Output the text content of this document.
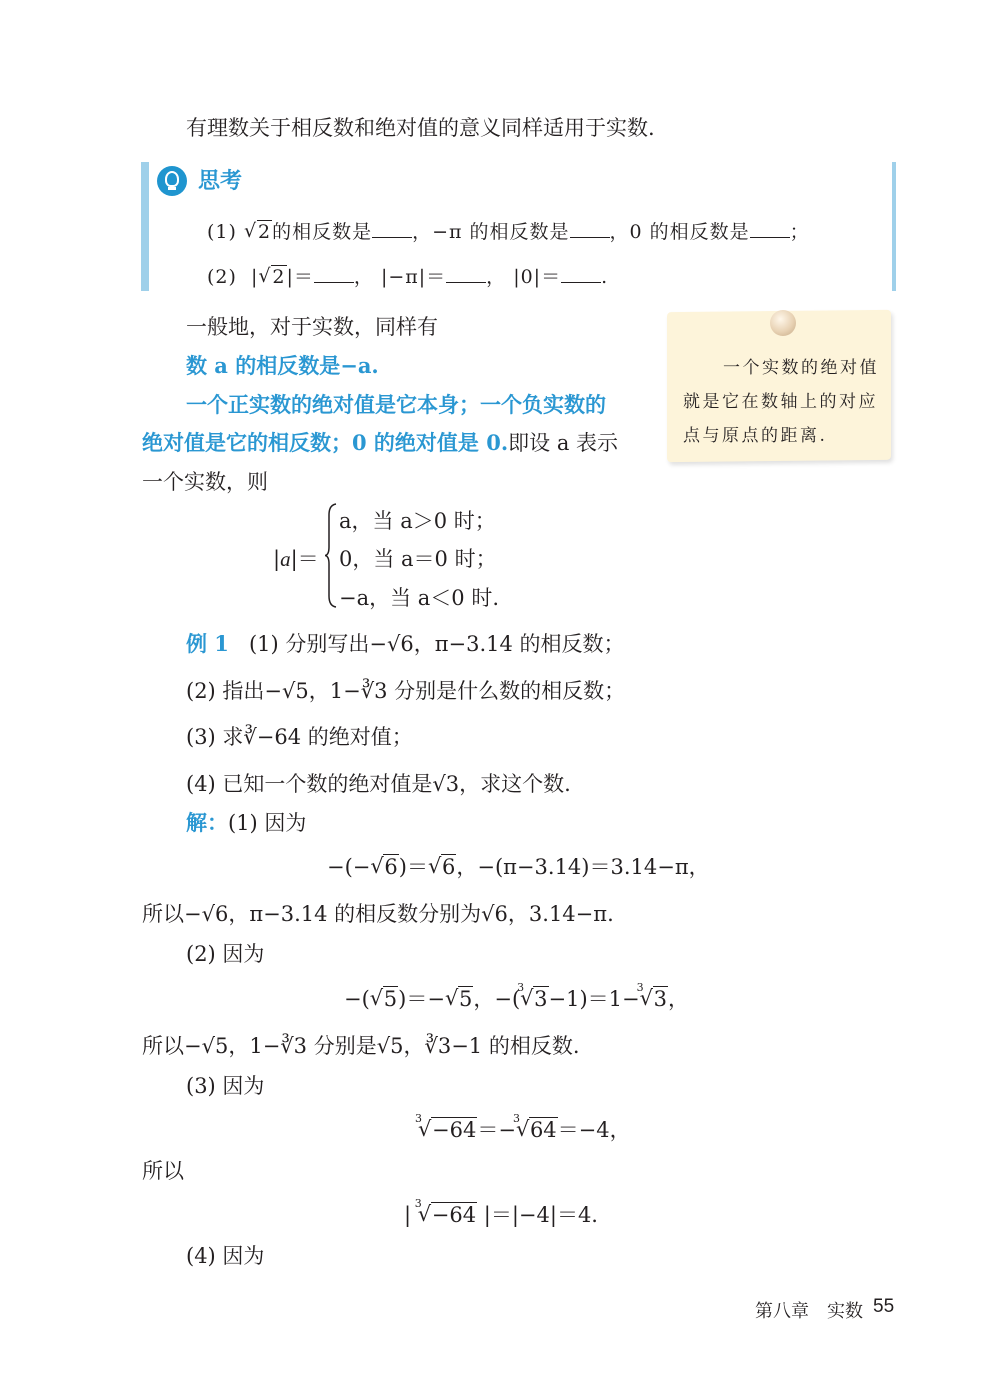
有理数关于相反数和绝对值的意义同样适用于实数.
思考
(1) √ 2的相反数是 ，−π 的相反数是 ，0 的相反数是 ；
(2)  | √ 2|＝ ， |−π|＝ ， |0|＝ .
一般地，对于实数，同样有
数 a 的相反数是−a.
一个正实数的绝对值是它本身；一个负实数的
绝对值是它的相反数；0 的绝对值是 0.即设 a 表示
一个实数，则
一个实数的绝对值
就是它在数轴上的对应
点与原点的距离.
|a|＝
a，当 a＞0 时；
0，当 a＝0 时；
−a，当 a＜0 时.
例 1 (1) 分别写出−√6，π−3.14 的相反数；
(2) 指出−√5，1−∛3 分别是什么数的相反数；
(3) 求∛−64 的绝对值；
(4) 已知一个数的绝对值是√3，求这个数.
解：(1) 因为
−(− √ 6)＝ √ 6，−(π−3.14)＝3.14−π，
所以−√6，π−3.14 的相反数分别为√6，3.14−π.
(2) 因为
−( √ 5)＝− √ 5，−(
√ 3 3−1)＝1−
√ 3 3，
所以−√5，1−∛3 分别是√5，∛3−1 的相反数.
(3) 因为
√ 3 −64＝−
√ 3 64＝−4，
所以
|
√ 3 −64 |＝|−4|＝4.
(4) 因为
第八章　实数 55
